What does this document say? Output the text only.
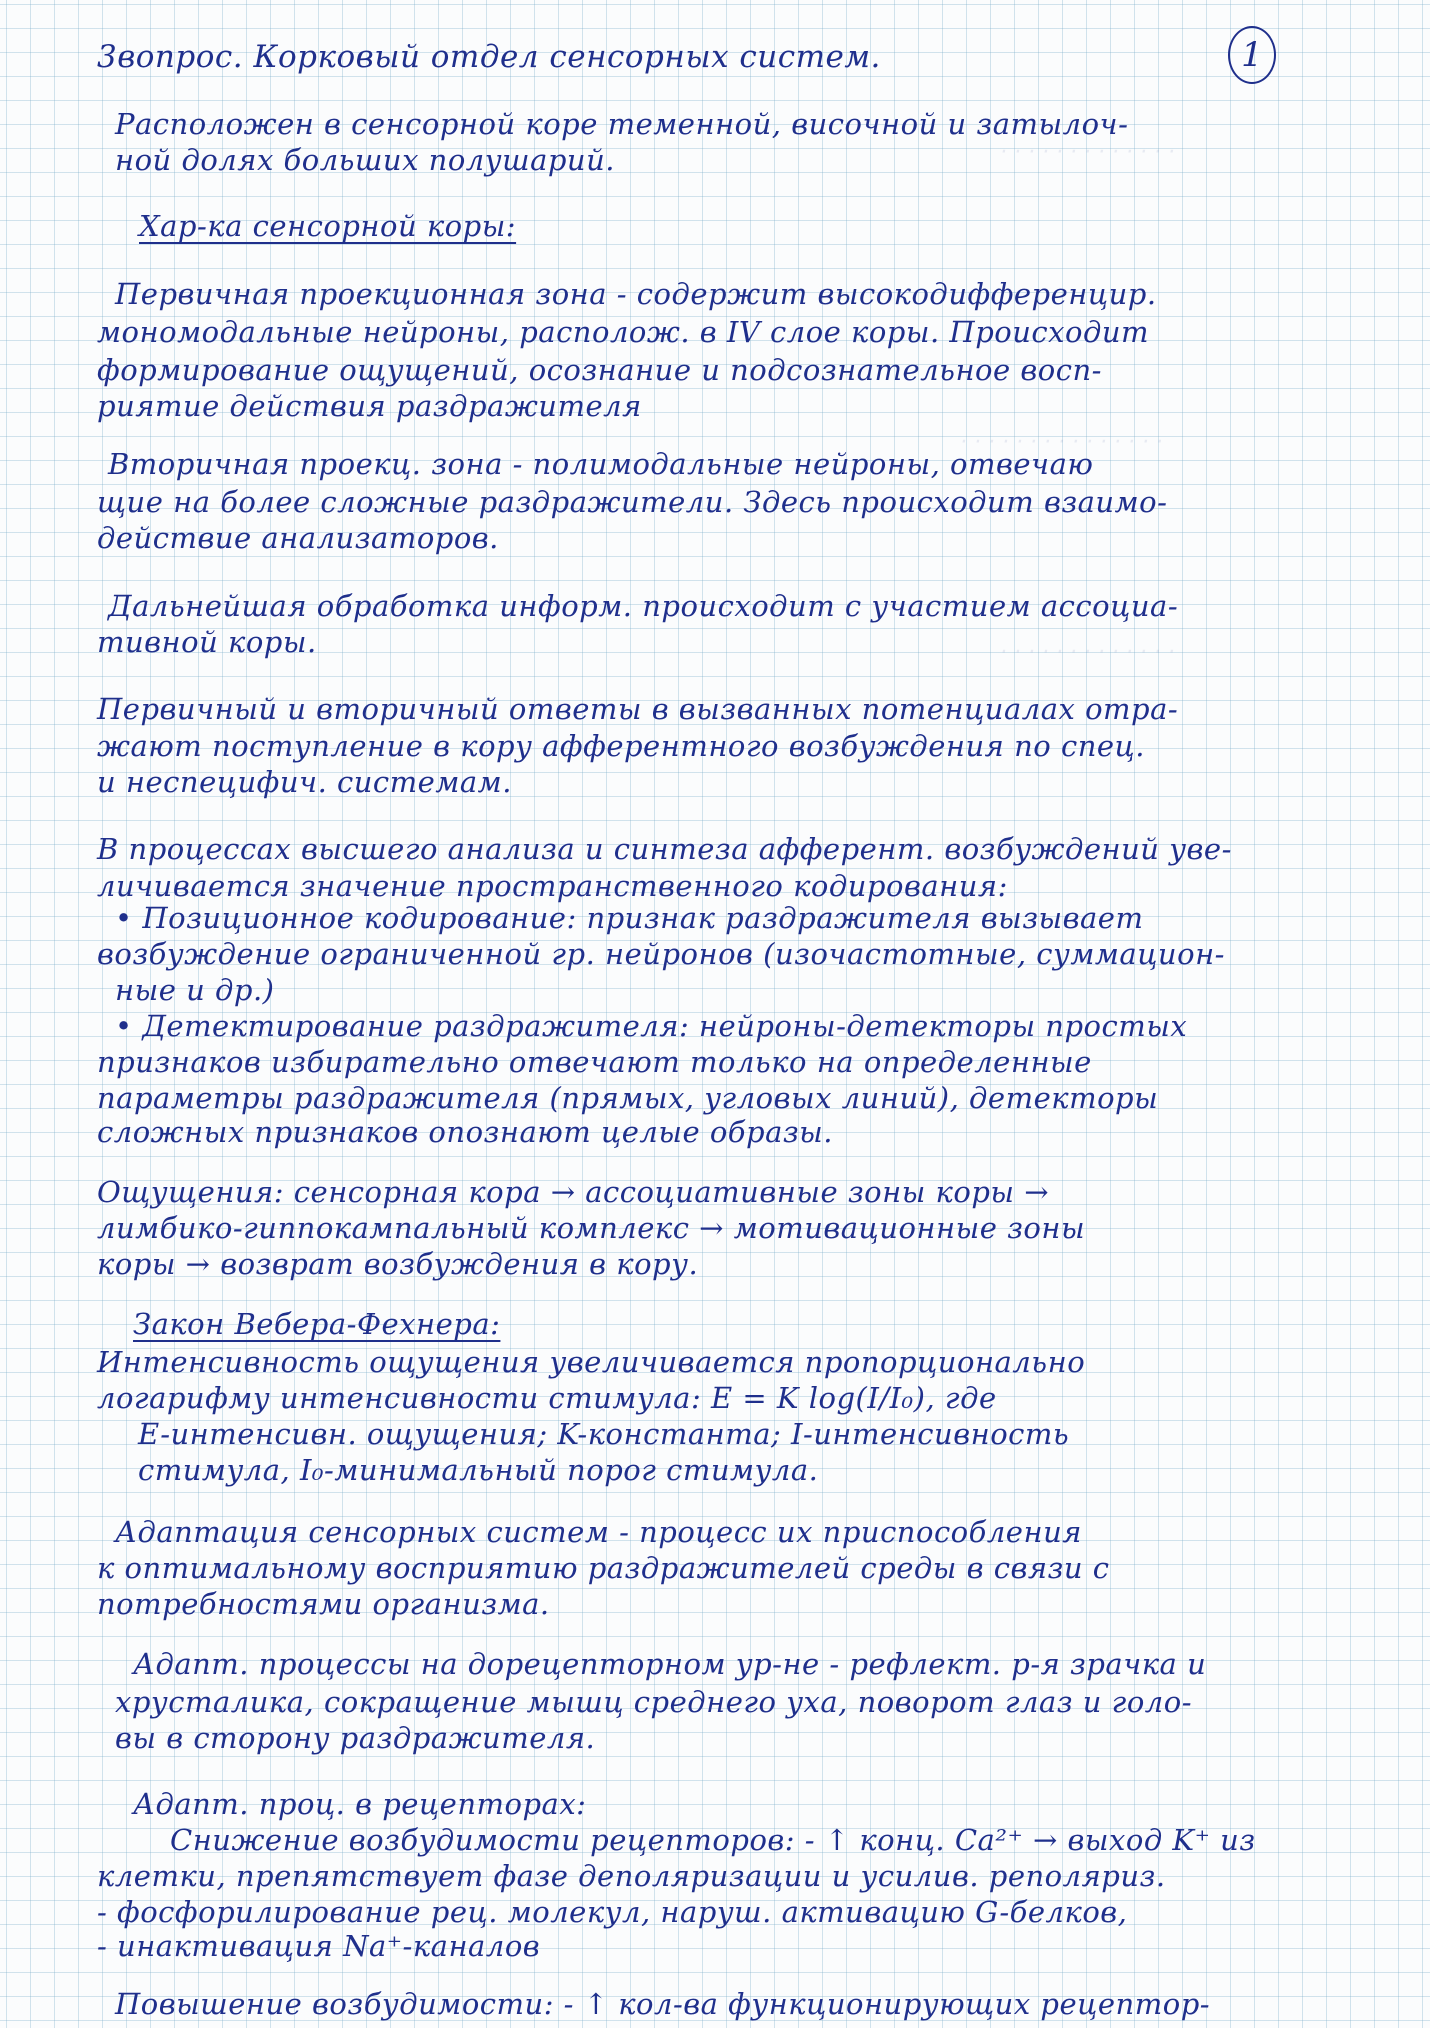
1
· · · · · · · · · · · · ·
· · · · · · · · · · · · · · ·
· · · · · · · · · · · · ·
3вопрос. Корковый отдел сенсорных систем.
Расположен в сенсорной коре теменной, височной и затылоч-
ной долях больших полушарий.
Хар-ка сенсорной коры:
Первичная проекционная зона - содержит высокодифференцир.
мономодальные нейроны, располож. в IV слое коры. Происходит
формирование ощущений, осознание и подсознательное восп-
риятие действия раздражителя
Вторичная проекц. зона - полимодальные нейроны, отвечаю
щие на более сложные раздражители. Здесь происходит взаимо-
действие анализаторов.
Дальнейшая обработка информ. происходит с участием ассоциа-
тивной коры.
Первичный и вторичный ответы в вызванных потенциалах отра-
жают поступление в кору афферентного возбуждения по спец.
и неспецифич. системам.
В процессах высшего анализа и синтеза афферент. возбуждений уве-
личивается значение пространственного кодирования:
• Позиционное кодирование: признак раздражителя вызывает
возбуждение ограниченной гр. нейронов (изочастотные, суммацион-
ные и др.)
• Детектирование раздражителя: нейроны-детекторы простых
признаков избирательно отвечают только на определенные
параметры раздражителя (прямых, угловых линий), детекторы
сложных признаков опознают целые образы.
Ощущения: сенсорная кора → ассоциативные зоны коры →
лимбико-гиппокампальный комплекс → мотивационные зоны
коры → возврат возбуждения в кору.
Закон Вебера-Фехнера:
Интенсивность ощущения увеличивается пропорционально
логарифму интенсивности стимула: E = K log(I/I₀), где
E-интенсивн. ощущения; K-константа; I-интенсивность
стимула, I₀-минимальный порог стимула.
Адаптация сенсорных систем - процесс их приспособления
к оптимальному восприятию раздражителей среды в связи с
потребностями организма.
Адапт. процессы на дорецепторном ур-не - рефлект. р-я зрачка и
хрусталика, сокращение мышц среднего уха, поворот глаз и голо-
вы в сторону раздражителя.
Адапт. проц. в рецепторах:
Снижение возбудимости рецепторов: - ↑ конц. Ca²⁺ → выход K⁺ из
клетки, препятствует фазе деполяризации и усилив. реполяриз.
- фосфорилирование рец. молекул, наруш. активацию G-белков,
- инактивация Na⁺-каналов
Повышение возбудимости: - ↑ кол-ва функционирующих рецептор-
